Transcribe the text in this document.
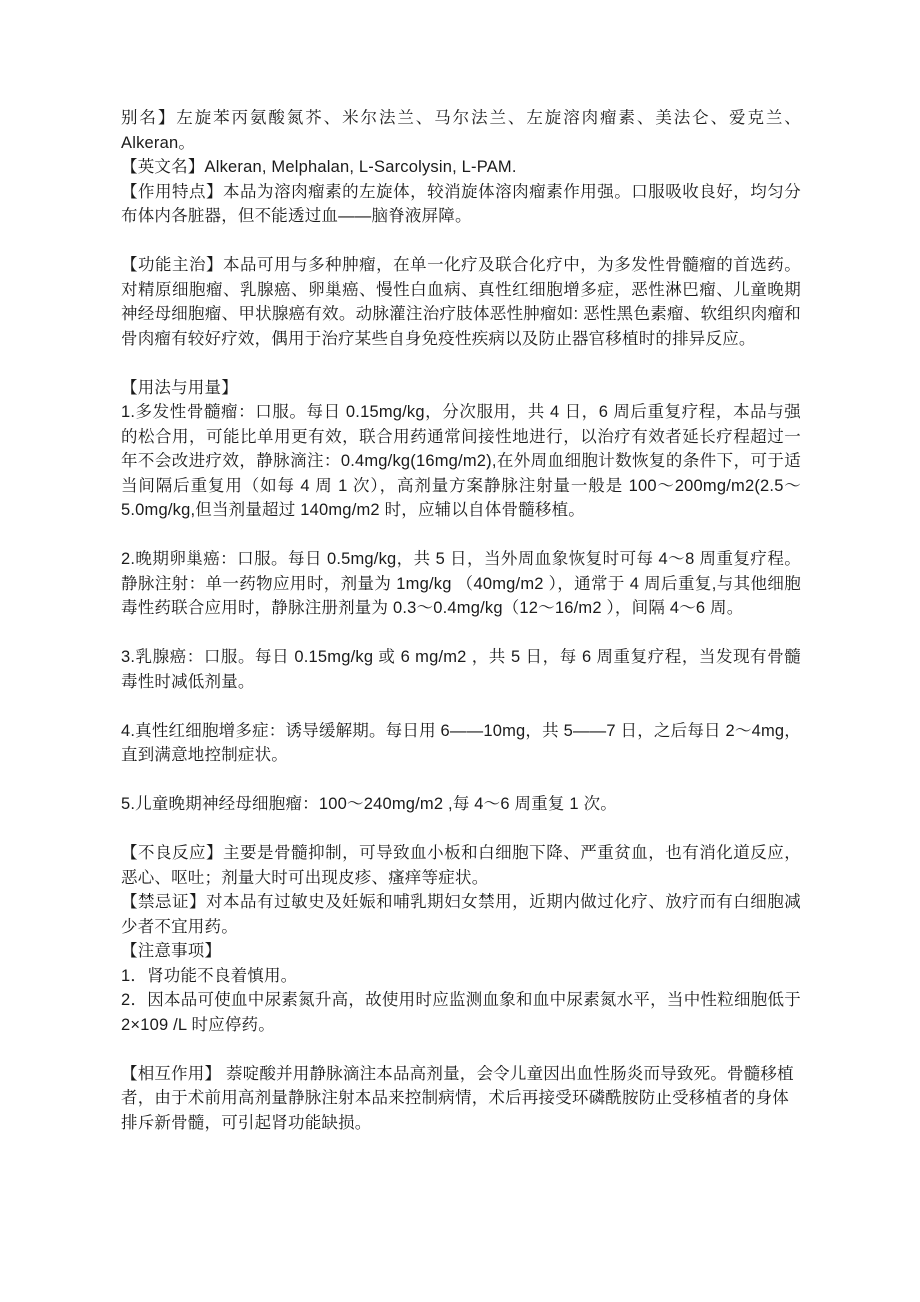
别名】左旋苯丙氨酸氮芥、米尔法兰、马尔法兰、左旋溶肉瘤素、美法仑、爱克兰、Alkeran。

【英文名】Alkeran, Melphalan, L-Sarcolysin, L-PAM.

【作用特点】本品为溶肉瘤素的左旋体，较消旋体溶肉瘤素作用强。口服吸收良好，均匀分布体内各脏器，但不能透过血——脑脊液屏障。

【功能主治】本品可用与多种肿瘤，在单一化疗及联合化疗中，为多发性骨髓瘤的首选药。对精原细胞瘤、乳腺癌、卵巢癌、慢性白血病、真性红细胞增多症，恶性淋巴瘤、儿童晚期神经母细胞瘤、甲状腺癌有效。动脉灌注治疗肢体恶性肿瘤如: 恶性黑色素瘤、软组织肉瘤和骨肉瘤有较好疗效，偶用于治疗某些自身免疫性疾病以及防止器官移植时的排异反应。

【用法与用量】

1.多发性骨髓瘤：口服。每日 0.15mg/kg，分次服用，共 4 日，6 周后重复疗程，本品与强的松合用，可能比单用更有效，联合用药通常间接性地进行，以治疗有效者延长疗程超过一年不会改进疗效，静脉滴注：0.4mg/kg(16mg/m2),在外周血细胞计数恢复的条件下，可于适当间隔后重复用（如每 4 周 1 次），高剂量方案静脉注射量一般是 100～200mg/m2(2.5～5.0mg/kg,但当剂量超过 140mg/m2 时，应辅以自体骨髓移植。

2.晚期卵巢癌：口服。每日 0.5mg/kg，共 5 日，当外周血象恢复时可每 4～8 周重复疗程。静脉注射：单一药物应用时，剂量为 1mg/kg （40mg/m2 ），通常于 4 周后重复,与其他细胞毒性药联合应用时，静脉注册剂量为 0.3～0.4mg/kg（12～16/m2 ），间隔 4～6 周。

3.乳腺癌：口服。每日 0.15mg/kg 或 6 mg/m2 ，共 5 日，每 6 周重复疗程，当发现有骨髓毒性时减低剂量。

4.真性红细胞增多症：诱导缓解期。每日用 6——10mg，共 5——7 日，之后每日 2～4mg，直到满意地控制症状。

5.儿童晚期神经母细胞瘤：100～240mg/m2 ,每 4～6 周重复 1 次。

【不良反应】主要是骨髓抑制，可导致血小板和白细胞下降、严重贫血，也有消化道反应，恶心、呕吐；剂量大时可出现皮疹、瘙痒等症状。

【禁忌证】对本品有过敏史及妊娠和哺乳期妇女禁用，近期内做过化疗、放疗而有白细胞减少者不宜用药。

【注意事项】

1．肾功能不良着慎用。

2．因本品可使血中尿素氮升高，故使用时应监测血象和血中尿素氮水平，当中性粒细胞低于 2×109 /L 时应停药。

【相互作用】 萘啶酸并用静脉滴注本品高剂量，会令儿童因出血性肠炎而导致死。骨髓移植者，由于术前用高剂量静脉注射本品来控制病情，术后再接受环磷酰胺防止受移植者的身体排斥新骨髓，可引起肾功能缺损。
